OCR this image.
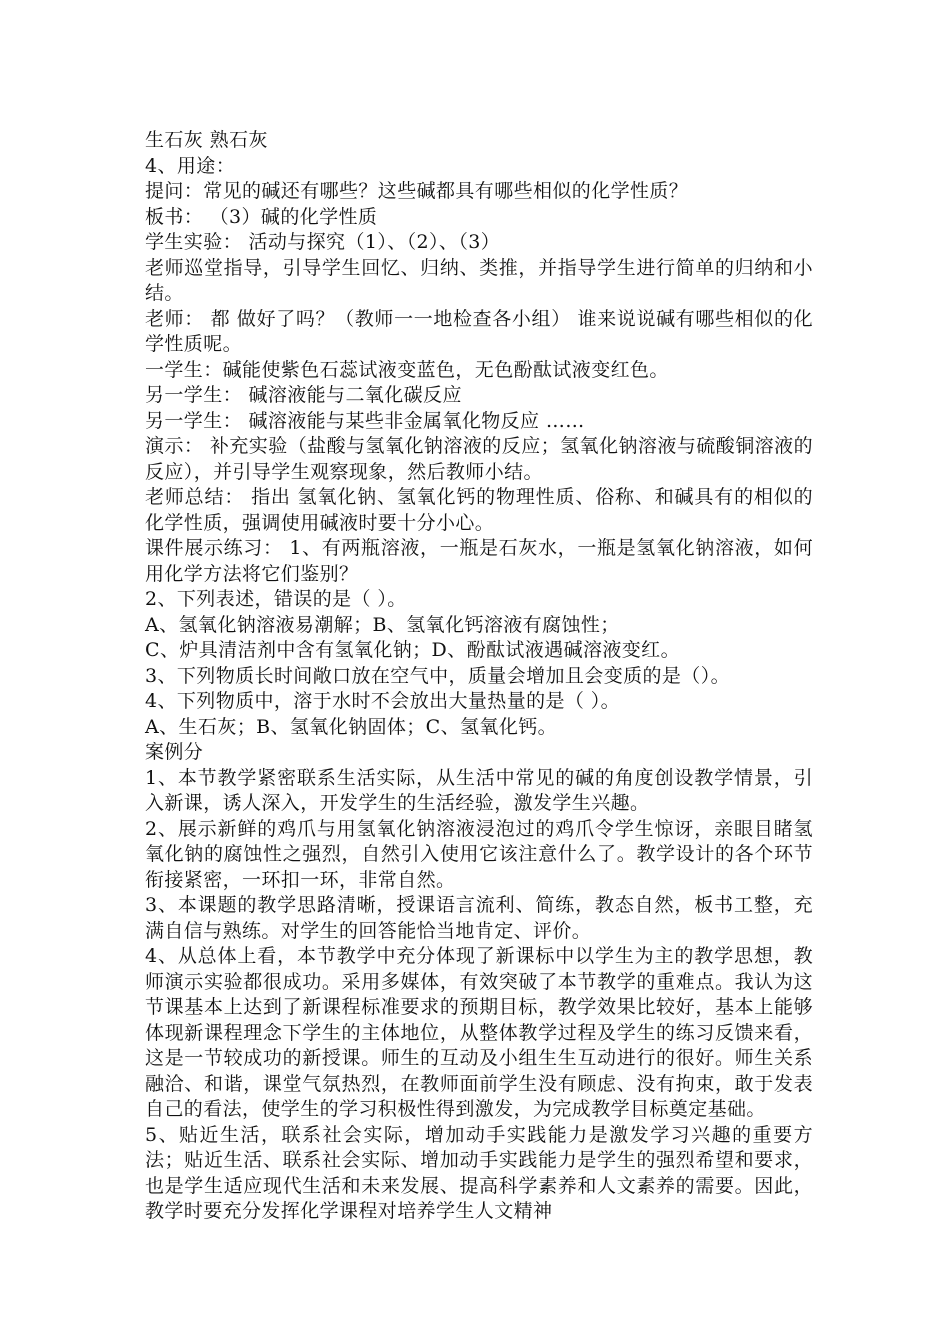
生石灰 熟石灰

4、用途：

提问：常见的碱还有哪些？这些碱都具有哪些相似的化学性质？

板书： （3）碱的化学性质

学生实验： 活动与探究（1）、（2）、（3）

老师巡堂指导，引导学生回忆、归纳、类推，并指导学生进行简单的归纳和小结。

老师： 都 做好了吗？（教师一一地检查各小组） 谁来说说碱有哪些相似的化学性质呢。

一学生：碱能使紫色石蕊试液变蓝色，无色酚酞试液变红色。

另一学生： 碱溶液能与二氧化碳反应

另一学生： 碱溶液能与某些非金属氧化物反应 ……

演示： 补充实验（盐酸与氢氧化钠溶液的反应；氢氧化钠溶液与硫酸铜溶液的反应），并引导学生观察现象，然后教师小结。

老师总结： 指出 氢氧化钠、氢氧化钙的物理性质、俗称、和碱具有的相似的化学性质，强调使用碱液时要十分小心。

课件展示练习： 1、有两瓶溶液，一瓶是石灰水，一瓶是氢氧化钠溶液，如何用化学方法将它们鉴别？

2、下列表述，错误的是（ ）。

A、氢氧化钠溶液易潮解；B、氢氧化钙溶液有腐蚀性；

C、炉具清洁剂中含有氢氧化钠；D、酚酞试液遇碱溶液变红。

3、下列物质长时间敞口放在空气中，质量会增加且会变质的是（）。

4、下列物质中，溶于水时不会放出大量热量的是（ ）。

A、生石灰；B、氢氧化钠固体；C、氢氧化钙。

案例分

1、本节教学紧密联系生活实际，从生活中常见的碱的角度创设教学情景，引入新课，诱人深入，开发学生的生活经验，激发学生兴趣。

2、展示新鲜的鸡爪与用氢氧化钠溶液浸泡过的鸡爪令学生惊讶，亲眼目睹氢氧化钠的腐蚀性之强烈，自然引入使用它该注意什么了。教学设计的各个环节衔接紧密，一环扣一环，非常自然。

3、本课题的教学思路清晰，授课语言流利、简练，教态自然，板书工整，充满自信与熟练。对学生的回答能恰当地肯定、评价。

4、从总体上看，本节教学中充分体现了新课标中以学生为主的教学思想，教师演示实验都很成功。采用多媒体，有效突破了本节教学的重难点。我认为这节课基本上达到了新课程标准要求的预期目标，教学效果比较好，基本上能够体现新课程理念下学生的主体地位，从整体教学过程及学生的练习反馈来看，这是一节较成功的新授课。师生的互动及小组生生互动进行的很好。师生关系融洽、和谐，课堂气氛热烈，在教师面前学生没有顾虑、没有拘束，敢于发表自己的看法，使学生的学习积极性得到激发，为完成教学目标奠定基础。

5、贴近生活，联系社会实际，增加动手实践能力是激发学习兴趣的重要方法；贴近生活、联系社会实际、增加动手实践能力是学生的强烈希望和要求，也是学生适应现代生活和未来发展、提高科学素养和人文素养的需要。因此，教学时要充分发挥化学课程对培养学生人文精神
